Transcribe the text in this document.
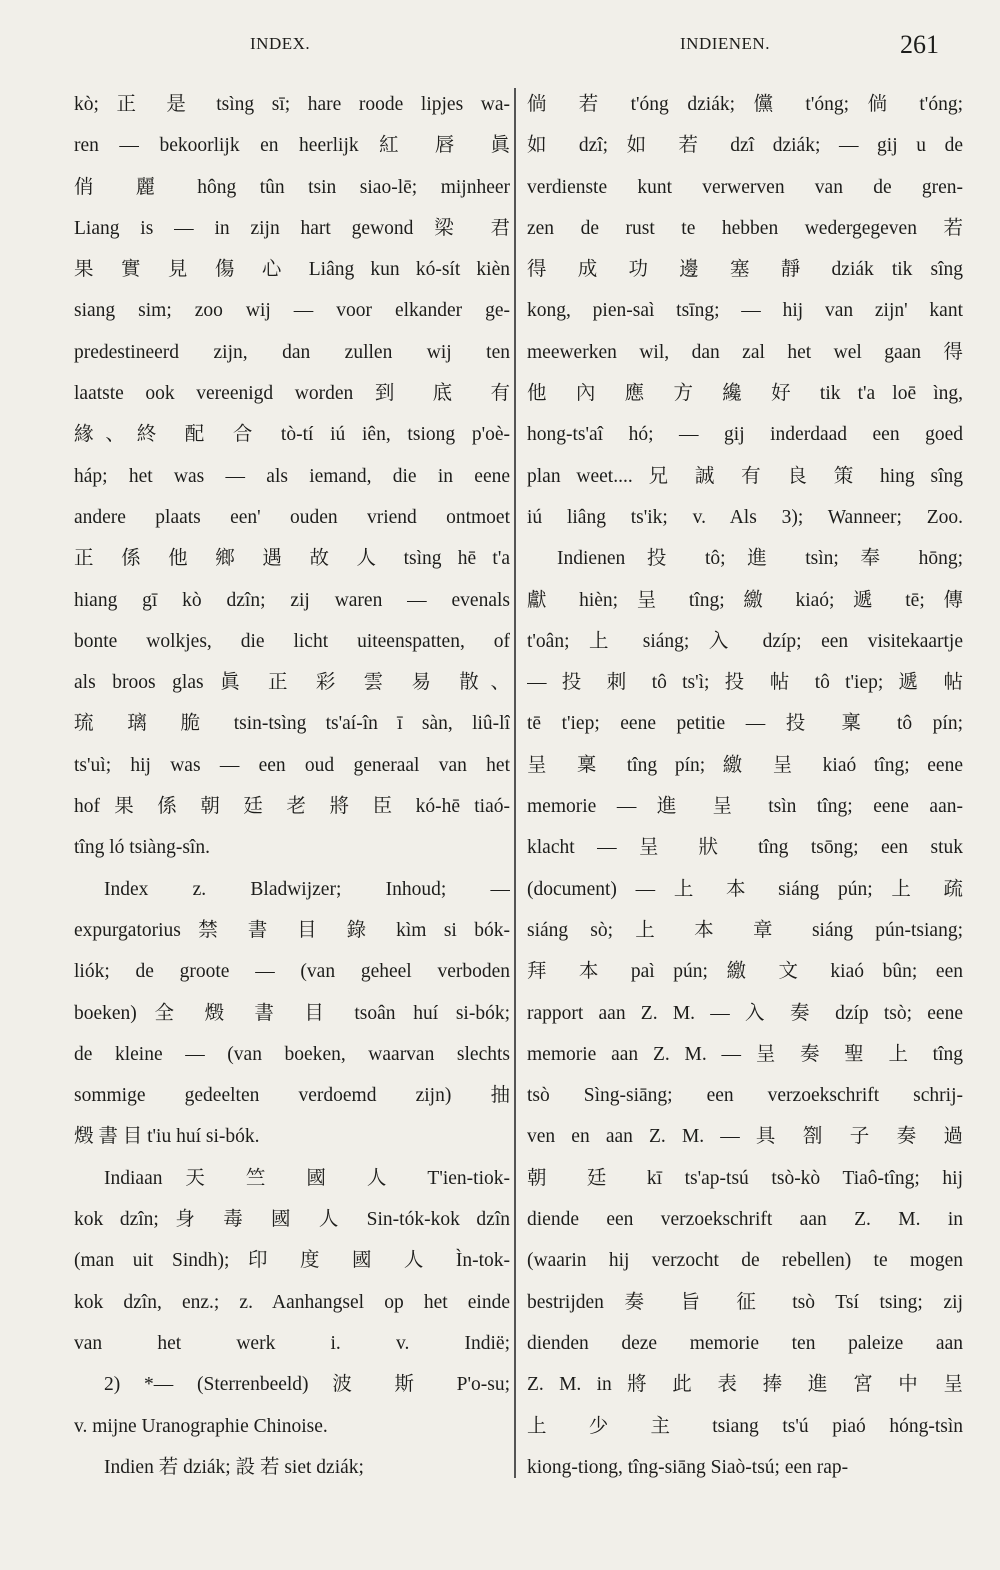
INDEX.	INDIENEN.	261
kò; 正 是 tsìng sī; hare roode lipjes wa-
ren — bekoorlijk en heerlijk 紅 唇 眞
俏 麗 hông tûn tsin siao-lē; mijnheer
Liang is — in zijn hart gewond 梁 君
果 實 見 傷 心 Liâng kun kó-sít kièn
siang sim; zoo wij — voor elkander ge-
predestineerd zijn, dan zullen wij ten
laatste ook vereenigd worden 到 底 有
緣、終 配 合 tò-tí iú iên, tsiong p'oè-
háp; het was — als iemand, die in eene
andere plaats een' ouden vriend ontmoet
正 係 他 鄉 遇 故 人 tsìng hē t'a
hiang gī kò dzîn; zij waren — evenals
bonte wolkjes, die licht uiteenspatten, of
als broos glas 眞 正 彩 雲 易 散、
琉 璃 脆 tsin-tsìng ts'aí-în ī sàn, liû-lî
ts'uì; hij was — een oud generaal van het
hof 果 係 朝 廷 老 將 臣 kó-hē tiaó-
tîng ló tsiàng-sîn.
Index z. Bladwijzer; Inhoud; —
expurgatorius 禁 書 目 錄 kìm si bók-
liók; de groote — (van geheel verboden
boeken) 全 燬 書 目 tsoân huí si-bók;
de kleine — (van boeken, waarvan slechts
sommige gedeelten verdoemd zijn) 抽
燬 書 目 t'iu huí si-bók.
Indiaan 天 竺 國 人 T'ien-tiok-
kok dzîn; 身 毒 國 人 Sin-tók-kok dzîn
(man uit Sindh); 印 度 國 人 Ìn-tok-
kok dzîn, enz.; z. Aanhangsel op het einde
van het werk i. v. Indië;
2) *— (Sterrenbeeld) 波 斯 P'o-su;
v. mijne Uranographie Chinoise.
Indien 若 dziák; 設 若 siet dziák;
倘 若 t'óng dziák; 儻 t'óng; 倘 t'óng;
如 dzî; 如 若 dzî dziák; — gij u de
verdienste kunt verwerven van de gren-
zen de rust te hebben wedergegeven 若
得 成 功 邊 塞 靜 dziák tik sîng
kong, pien-saì tsīng; — hij van zijn' kant
meewerken wil, dan zal het wel gaan 得
他 內 應 方 纔 好 tik t'a loē ìng,
hong-ts'aî hó; — gij inderdaad een goed
plan weet.... 兄 誠 有 良 策 hing sîng
iú liâng ts'ik; v. Als 3); Wanneer; Zoo.
Indienen 投 tô; 進 tsìn; 奉 hōng;
獻 hièn; 呈 tîng; 繳 kiaó; 遞 tē; 傳
t'oân; 上 siáng; 入 dzíp; een visitekaartje
— 投 刺 tô ts'ì; 投 帖 tô t'iep; 遞 帖
tē t'iep; eene petitie — 投 稟 tô pín;
呈 稟 tîng pín; 繳 呈 kiaó tîng; eene
memorie — 進 呈 tsìn tîng; eene aan-
klacht — 呈 狀 tîng tsōng; een stuk
(document) — 上 本 siáng pún; 上 疏
siáng sò; 上 本 章 siáng pún-tsiang;
拜 本 paì pún; 繳 文 kiaó bûn; een
rapport aan Z. M. — 入 奏 dzíp tsò; eene
memorie aan Z. M. — 呈 奏 聖 上 tîng
tsò Sìng-siāng; een verzoekschrift schrij-
ven en aan Z. M. — 具 劄 子 奏 過
朝 廷 kī ts'ap-tsú tsò-kò Tiaô-tîng; hij
diende een verzoekschrift aan Z. M. in
(waarin hij verzocht de rebellen) te mogen
bestrijden 奏 旨 征 tsò Tsí tsing; zij
dienden deze memorie ten paleize aan
Z. M. in 將 此 表 捧 進 宮 中 呈
上 少 主 tsiang ts'ú piaó hóng-tsìn
kiong-tiong, tîng-siāng Siaò-tsú; een rap-
